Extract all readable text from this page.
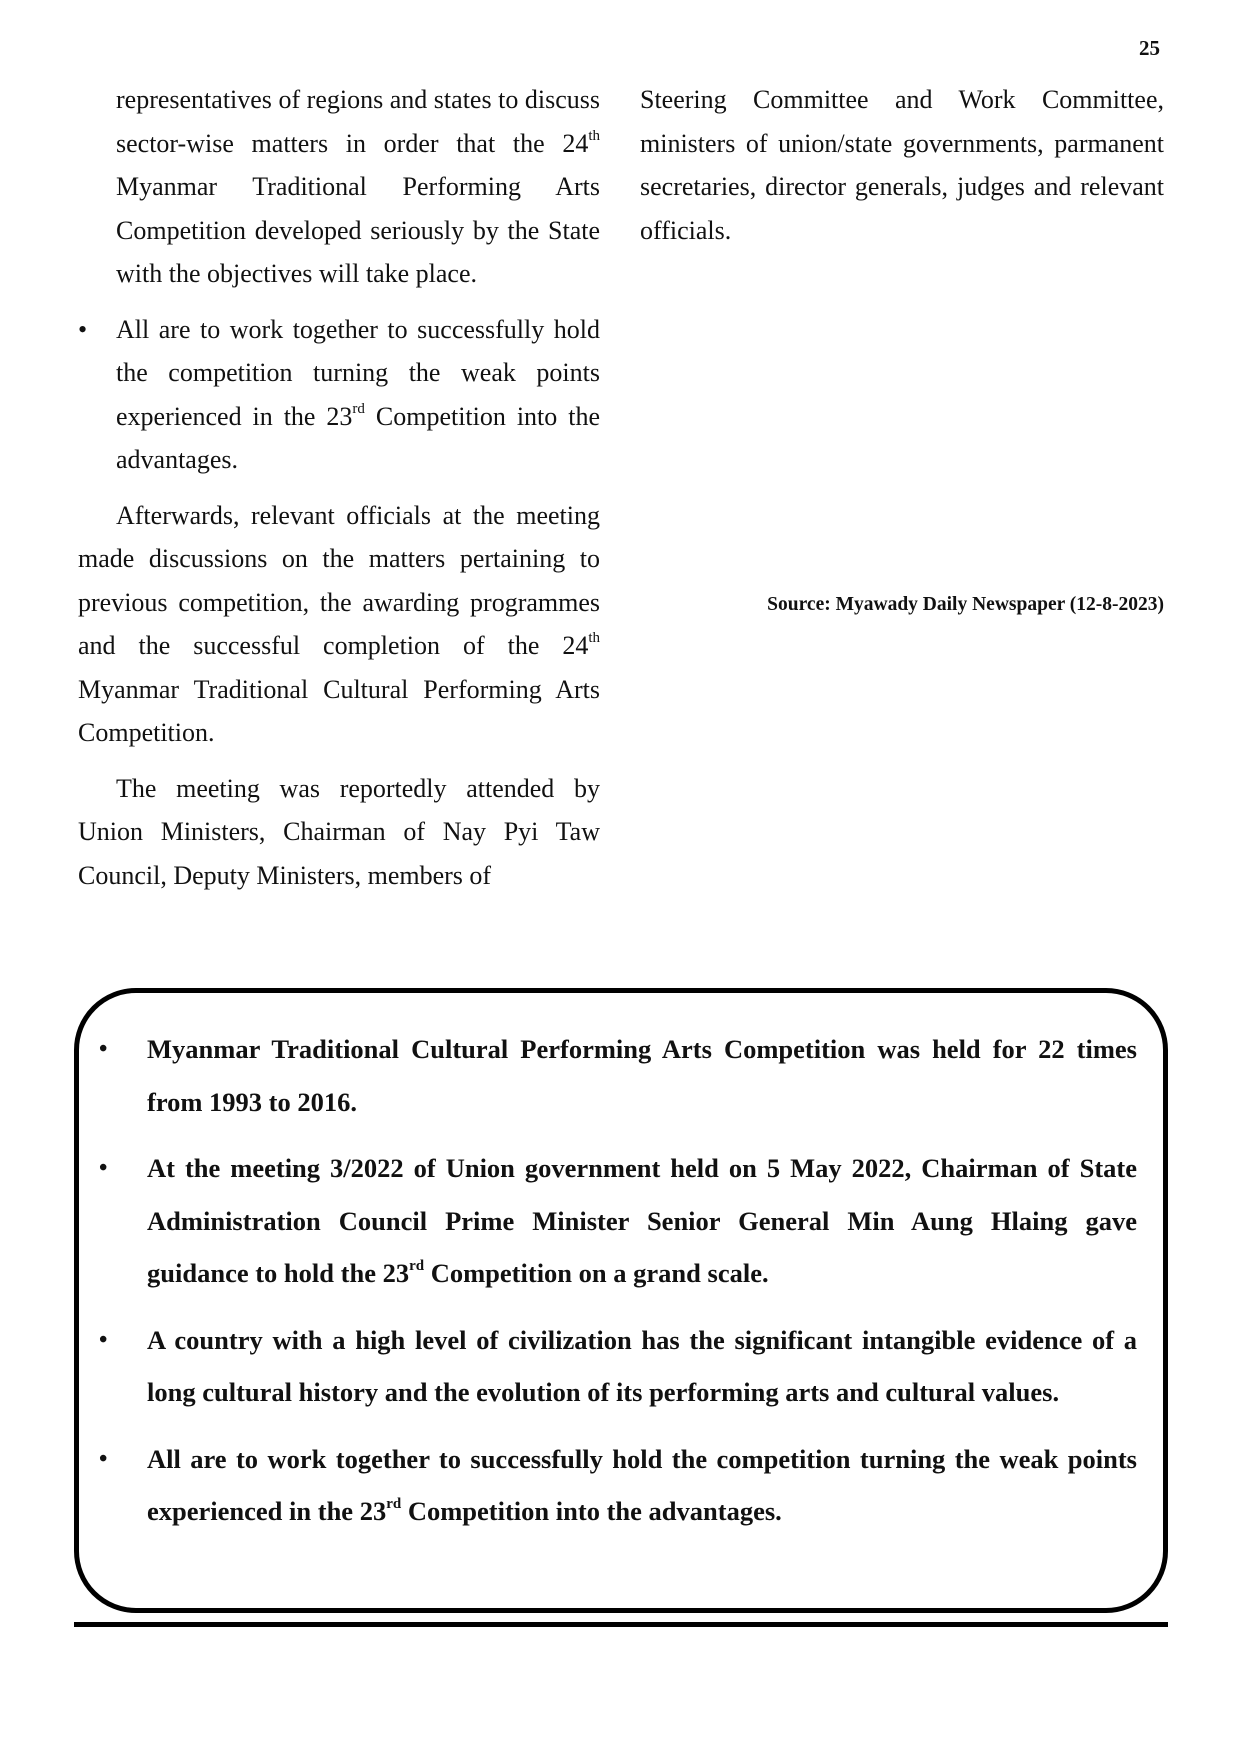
25

representatives of regions and states to discuss sector-wise matters in order that the 24th Myanmar Traditional Performing Arts Competition developed seriously by the State with the objectives will take place.

•	All are to work together to successfully hold the competition turning the weak points experienced in the 23rd Competition into the advantages.

Afterwards, relevant officials at the meeting made discussions on the matters pertaining to previous competition, the awarding programmes and the successful completion of the 24th Myanmar Traditional Cultural Performing Arts Competition.

The meeting was reportedly attended by Union Ministers, Chairman of Nay Pyi Taw Council, Deputy Ministers, members of

Steering Committee and Work Committee, ministers of union/state governments, parmanent secretaries, director generals, judges and relevant officials.

Source: Myawady Daily Newspaper (12-8-2023)
•	Myanmar Traditional Cultural Performing Arts Competition was held for 22 times from 1993 to 2016.
•	At the meeting 3/2022 of Union government held on 5 May 2022, Chairman of State Administration Council Prime Minister Senior General Min Aung Hlaing gave guidance to hold the 23rd Competition on a grand scale.
•	A country with a high level of civilization has the significant intangible evidence of a long cultural history and the evolution of its performing arts and cultural values.
•	All are to work together to successfully hold the competition turning the weak points experienced in the 23rd Competition into the advantages.
